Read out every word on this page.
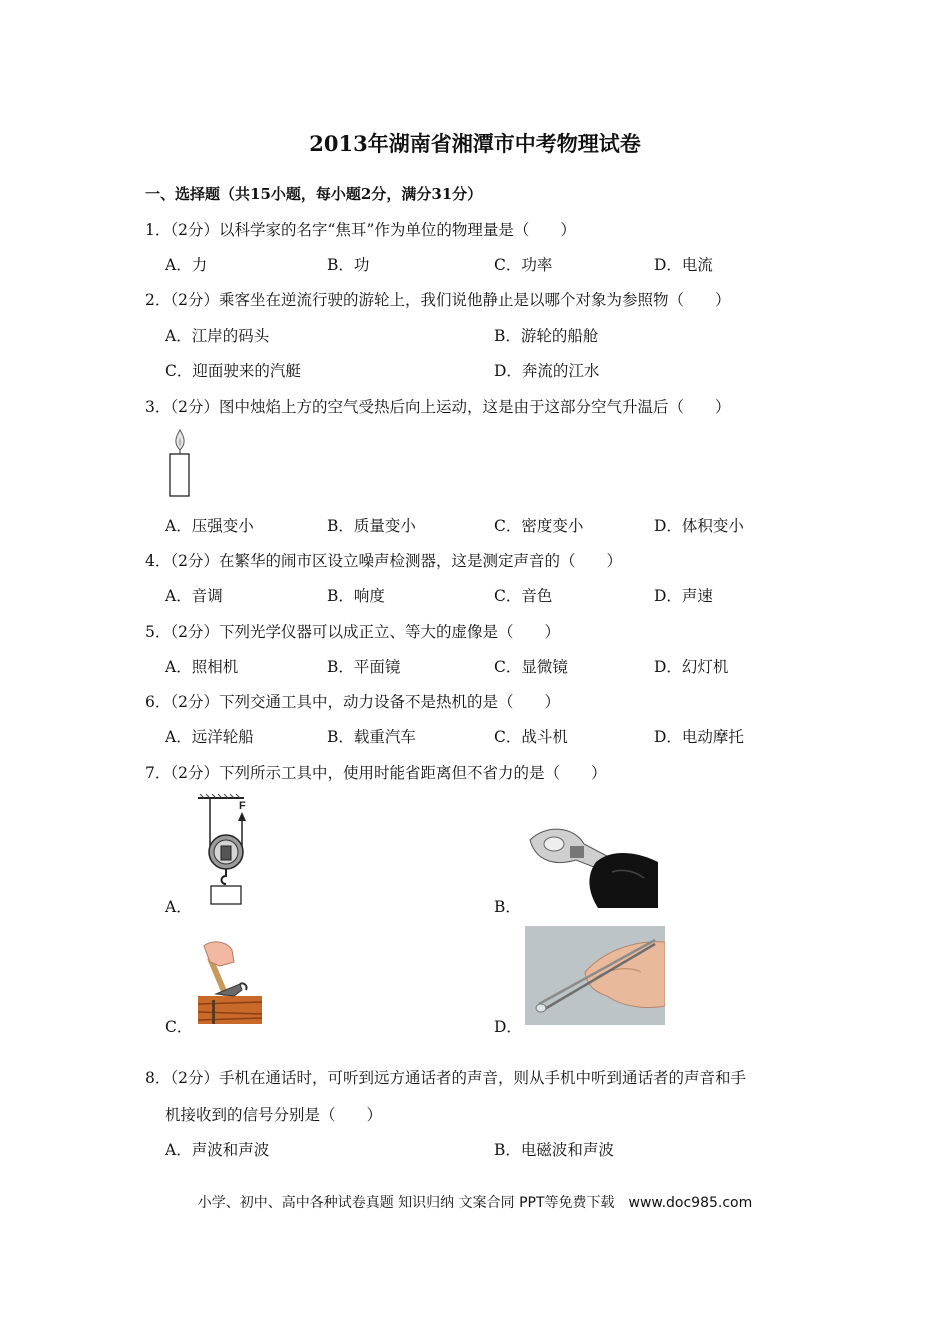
2013年湖南省湘潭市中考物理试卷
一、选择题（共15小题，每小题2分，满分31分）
1．（2分）以科学家的名字“焦耳”作为单位的物理量是（　　）
A．力	B．功	C．功率	D．电流
2．（2分）乘客坐在逆流行驶的游轮上，我们说他静止是以哪个对象为参照物（　　）
A．江岸的码头	B．游轮的船舱
C．迎面驶来的汽艇	D．奔流的江水
3．（2分）图中烛焰上方的空气受热后向上运动，这是由于这部分空气升温后（　　）
A．压强变小	B．质量变小	C．密度变小	D．体积变小
4．（2分）在繁华的闹市区设立噪声检测器，这是测定声音的（　　）
A．音调	B．响度	C．音色	D．声速
5．（2分）下列光学仪器可以成正立、等大的虚像是（　　）
A．照相机	B．平面镜	C．显微镜	D．幻灯机
6．（2分）下列交通工具中，动力设备不是热机的是（　　）
A．远洋轮船	B．载重汽车	C．战斗机	D．电动摩托
7．（2分）下列所示工具中，使用时能省距离但不省力的是（　　）
F
A．	B．
C．	D．
8．（2分）手机在通话时，可听到远方通话者的声音，则从手机中听到通话者的声音和手
机接收到的信号分别是（　　）
A．声波和声波	B．电磁波和声波
小学、初中、高中各种试卷真题 知识归纳 文案合同 PPT等免费下载　www.doc985.com
